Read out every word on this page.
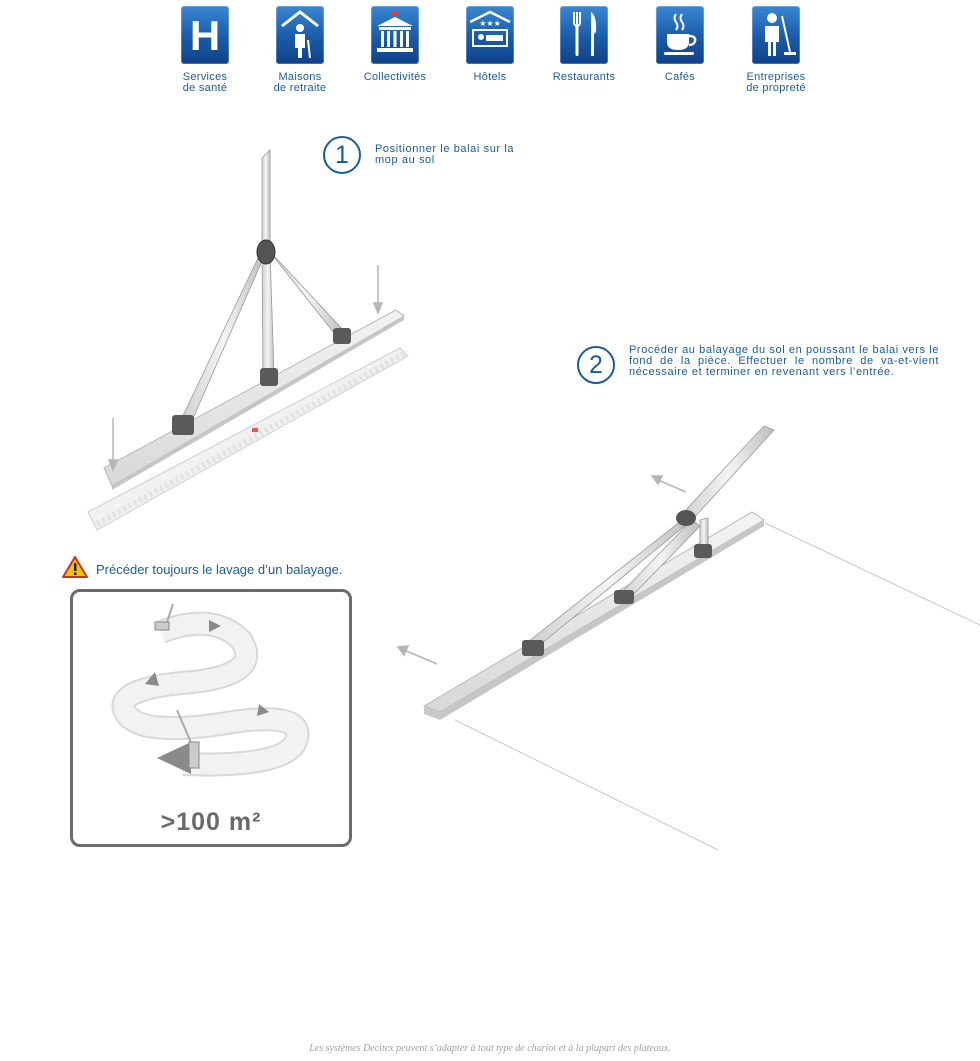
H
Services
de santé
Maisons
de retraite
Collectivités
★★★
Hôtels	Restaurants	Cafés	Entreprises
de propreté
1	Positionner le balai sur la mop au sol
2
Procéder au balayage du sol en poussant le balai vers le fond de la pièce. Effectuer le nombre de va-et-vient nécessaire et terminer en revenant vers l’entrée.
Précéder toujours le lavage d’un balayage.
>100 m²
Les systèmes Decitex peuvent s’adapter à tout type de chariot et à la plupart des plateaux.
